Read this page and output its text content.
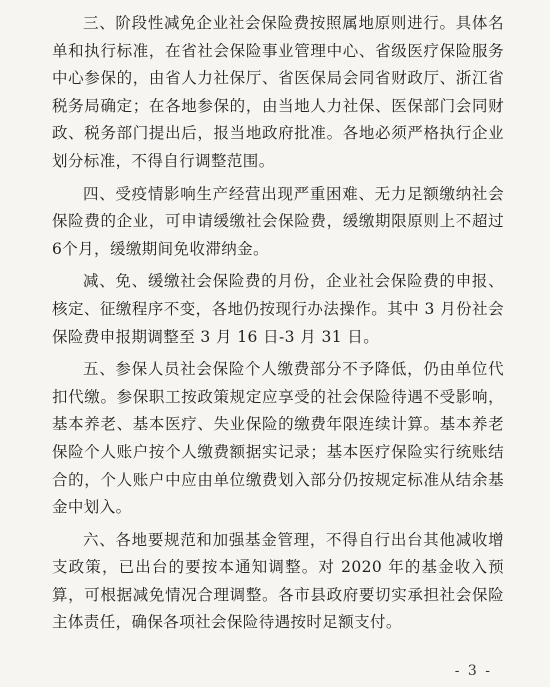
三、阶段性减免企业社会保险费按照属地原则进行。具体名单和执行标准，在省社会保险事业管理中心、省级医疗保险服务中心参保的，由省人力社保厅、省医保局会同省财政厅、浙江省税务局确定；在各地参保的，由当地人力社保、医保部门会同财政、税务部门提出后，报当地政府批准。各地必须严格执行企业划分标准，不得自行调整范围。

四、受疫情影响生产经营出现严重困难、无力足额缴纳社会保险费的企业，可申请缓缴社会保险费，缓缴期限原则上不超过6个月，缓缴期间免收滞纳金。

减、免、缓缴社会保险费的月份，企业社会保险费的申报、核定、征缴程序不变，各地仍按现行办法操作。其中 3 月份社会保险费申报期调整至 3 月 16 日-3 月 31 日。

五、参保人员社会保险个人缴费部分不予降低，仍由单位代扣代缴。参保职工按政策规定应享受的社会保险待遇不受影响，基本养老、基本医疗、失业保险的缴费年限连续计算。基本养老保险个人账户按个人缴费额据实记录；基本医疗保险实行统账结合的，个人账户中应由单位缴费划入部分仍按规定标准从结余基金中划入。

六、各地要规范和加强基金管理，不得自行出台其他减收增支政策，已出台的要按本通知调整。对 2020 年的基金收入预算，可根据减免情况合理调整。各市县政府要切实承担社会保险主体责任，确保各项社会保险待遇按时足额支付。

- 3 -
